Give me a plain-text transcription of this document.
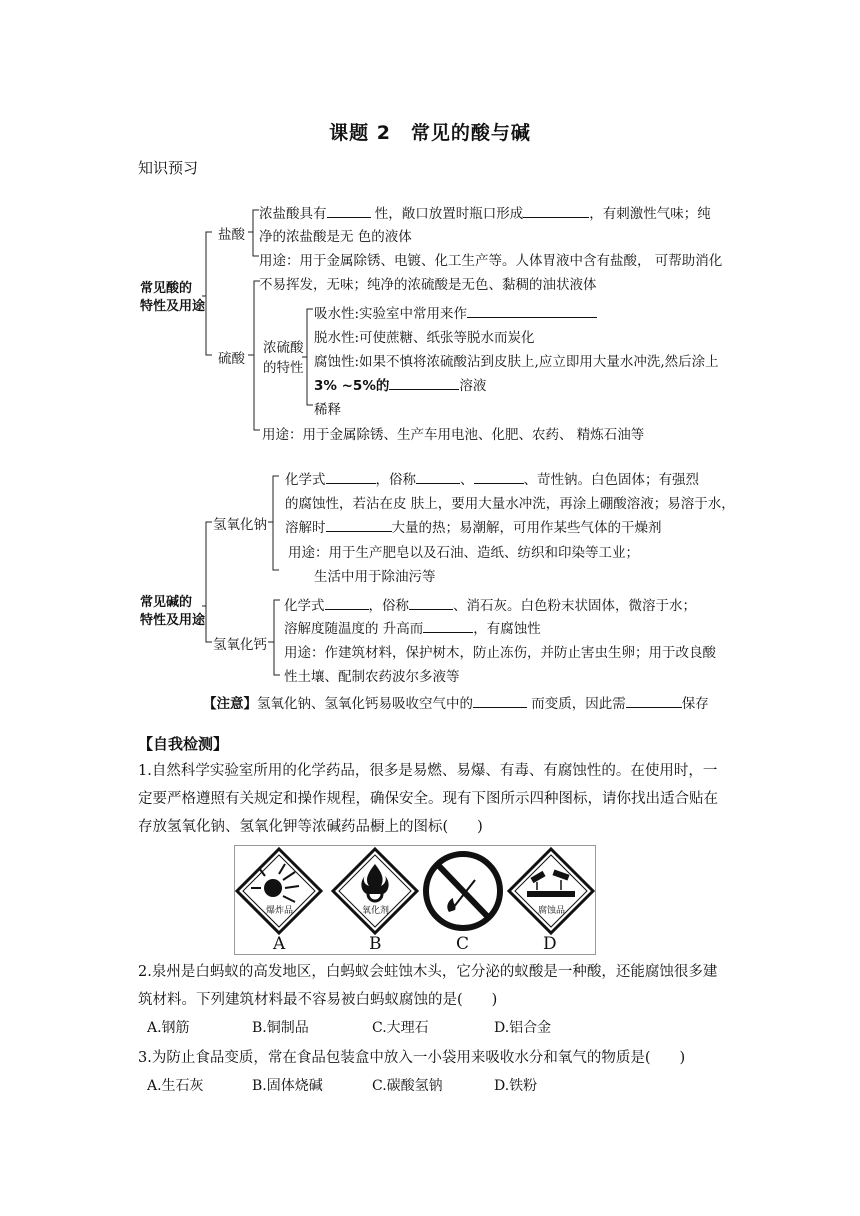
课题 2　常见的酸与碱
知识预习
常见酸的
特性及用途
盐酸
浓盐酸具有	性，敞口放置时瓶口形成	，有刺激性气味；纯
净的浓盐酸是无 色的液体
用途：用于金属除锈、电镀、化工生产等。人体胃液中含有盐酸， 可帮助消化
硫酸
不易挥发，无味；纯净的浓硫酸是无色、黏稠的油状液体
浓硫酸
的特性
吸水性:实验室中常用来作
脱水性:可使蔗糖、纸张等脱水而炭化
腐蚀性:如果不慎将浓硫酸沾到皮肤上,应立即用大量水冲洗,然后涂上
3% ~5%的	溶液
稀释
用途：用于金属除锈、生产车用电池、化肥、农药、 精炼石油等
常见碱的
特性及用途
氢氧化钠
化学式	，俗称	、	、苛性钠。白色固体；有强烈
的腐蚀性，若沾在皮 肤上，要用大量水冲洗，再涂上硼酸溶液；易溶于水，
溶解时	大量的热；易潮解，可用作某些气体的干燥剂
用途：用于生产肥皂以及石油、造纸、纺织和印染等工业；
生活中用于除油污等
氢氧化钙
化学式	，俗称	、消石灰。白色粉末状固体，微溶于水；
溶解度随温度的 升高而	，有腐蚀性
用途：作建筑材料，保护树木，防止冻伤，并防止害虫生卵；用于改良酸
性土壤、配制农药波尔多液等
【注意】氢氧化钠、氢氧化钙易吸收空气中的	而变质，因此需	保存
【自我检测】
1.自然科学实验室所用的化学药品，很多是易燃、易爆、有毒、有腐蚀性的。在使用时，一
定要严格遵照有关规定和操作规程，确保安全。现有下图所示四种图标，请你找出适合贴在
存放氢氧化钠、氢氧化钾等浓碱药品橱上的图标(　　)
爆炸品	氧化剂	腐蚀品
A	B	C	D
2.泉州是白蚂蚁的高发地区，白蚂蚁会蛀蚀木头，它分泌的蚁酸是一种酸，还能腐蚀很多建
筑材料。下列建筑材料最不容易被白蚂蚁腐蚀的是(　　)
A.钢筋	B.铜制品	C.大理石	D.铝合金
3.为防止食品变质，常在食品包装盒中放入一小袋用来吸收水分和氧气的物质是(　　)
A.生石灰	B.固体烧碱	C.碳酸氢钠	D.铁粉
